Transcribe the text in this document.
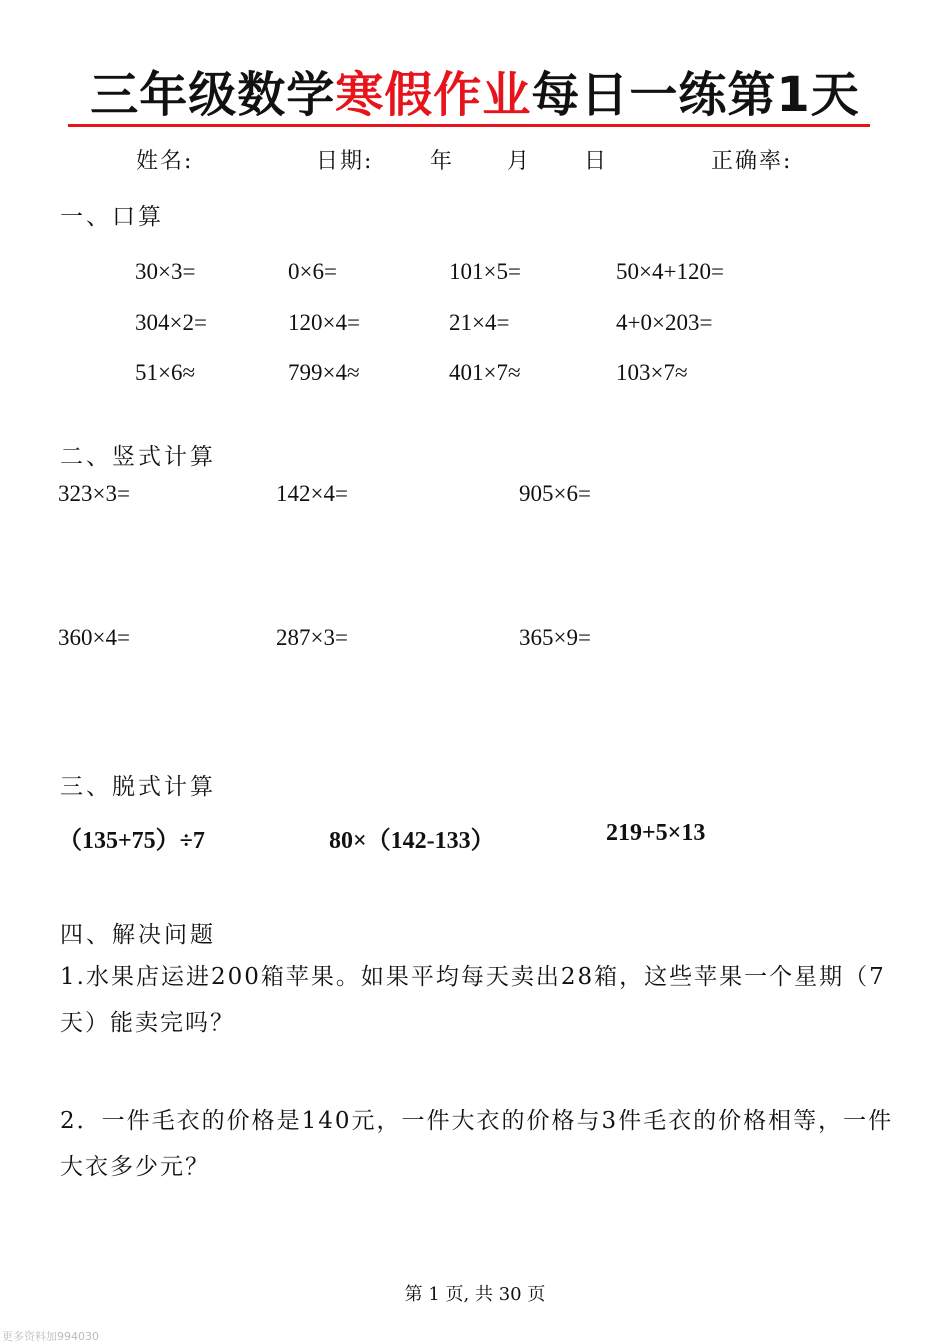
三年级数学寒假作业每日一练第1天
姓名:	日期:	年 月 日	正确率:
一、口算
30×3=	0×6=	101×5=	50×4+120=
304×2=	120×4=	21×4=	4+0×203=
51×6≈	799×4≈	401×7≈	103×7≈
二、竖式计算
323×3=	142×4=	905×6=
360×4=	287×3=	365×9=
三、脱式计算
（135+75）÷7	80×（142-133）	219+5×13
四、解决问题
1.水果店运进200箱苹果。如果平均每天卖出28箱，这些苹果一个星期（7天）能卖完吗？
2．一件毛衣的价格是140元，一件大衣的价格与3件毛衣的价格相等，一件大衣多少元？
第 1 页, 共 30 页
更多资料加994030
